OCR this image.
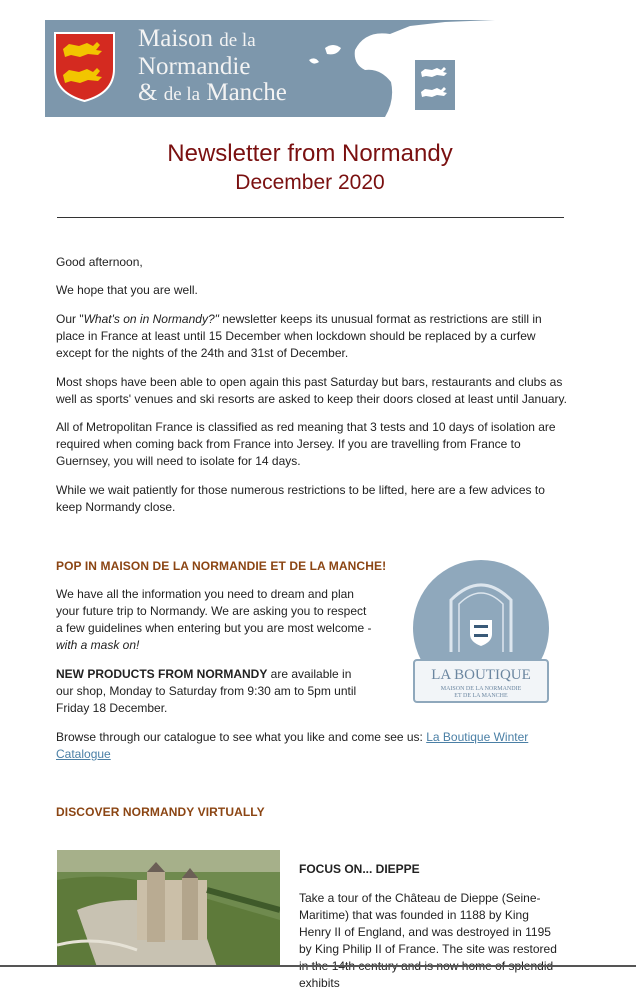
Maison de la
Normandie
& de la Manche
Newsletter from Normandy
December 2020
Good afternoon,
We hope that you are well.
Our "What's on in Normandy?" newsletter keeps its unusual format as restrictions are still in place in France at least until 15 December when lockdown should be replaced by a curfew except for the nights of the 24th and 31st of December.
Most shops have been able to open again this past Saturday but bars, restaurants and clubs as well as sports' venues and ski resorts are asked to keep their doors closed at least until January.
All of Metropolitan France is classified as red meaning that 3 tests and 10 days of isolation are required when coming back from France into Jersey. If you are travelling from France to Guernsey, you will need to isolate for 14 days.
While we wait patiently for those numerous restrictions to be lifted, here are a few advices to keep Normandy close.
POP IN MAISON DE LA NORMANDIE ET DE LA MANCHE!
We have all the information you need to dream and plan your future trip to Normandy. We are asking you to respect a few guidelines when entering but you are most welcome - with a mask on!
NEW PRODUCTS FROM NORMANDY are available in our shop, Monday to Saturday from 9:30 am to 5pm until Friday 18 December.
Browse through our catalogue to see what you like and come see us: La Boutique Winter Catalogue
LA BOUTIQUE
MAISON DE LA NORMANDIE
ET DE LA MANCHE
DISCOVER NORMANDY VIRTUALLY
FOCUS ON... DIEPPE
Take a tour of the Château de Dieppe (Seine-Maritime) that was founded in 1188 by King Henry II of England, and was destroyed in 1195 by King Philip II of France. The site was restored exhibits
